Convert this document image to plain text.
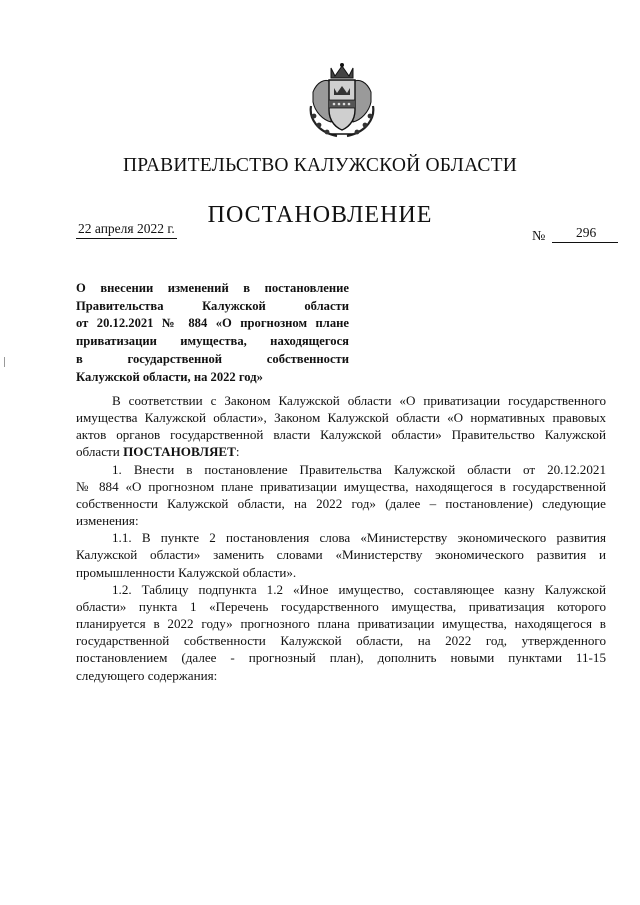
ПРАВИТЕЛЬСТВО КАЛУЖСКОЙ ОБЛАСТИ
ПОСТАНОВЛЕНИЕ
22 апреля 2022 г.
№	296
О внесении изменений в постановление
Правительства Калужской области
от 20.12.2021 № 884 «О прогнозном плане
приватизации имущества, находящегося
в государственной собственности
Калужской области, на 2022 год»
В соответствии с Законом Калужской области «О приватизации государственного
имущества Калужской области», Законом Калужской области «О нормативных правовых
актов органов государственной власти Калужской области» Правительство Калужской
области ПОСТАНОВЛЯЕТ:
1. Внести в постановление Правительства Калужской области от 20.12.2021
№ 884 «О прогнозном плане приватизации имущества, находящегося в государственной
собственности Калужской области, на 2022 год» (далее – постановление) следующие
изменения:
1.1. В пункте 2 постановления слова «Министерству экономического развития
Калужской области» заменить словами «Министерству экономического развития и
промышленности Калужской области».
1.2. Таблицу подпункта 1.2 «Иное имущество, составляющее казну Калужской
области» пункта 1 «Перечень государственного имущества, приватизация которого
планируется в 2022 году» прогнозного плана приватизации имущества, находящегося в
государственной собственности Калужской области, на 2022 год, утвержденного
постановлением (далее - прогнозный план), дополнить новыми пунктами 11-15
следующего содержания:
